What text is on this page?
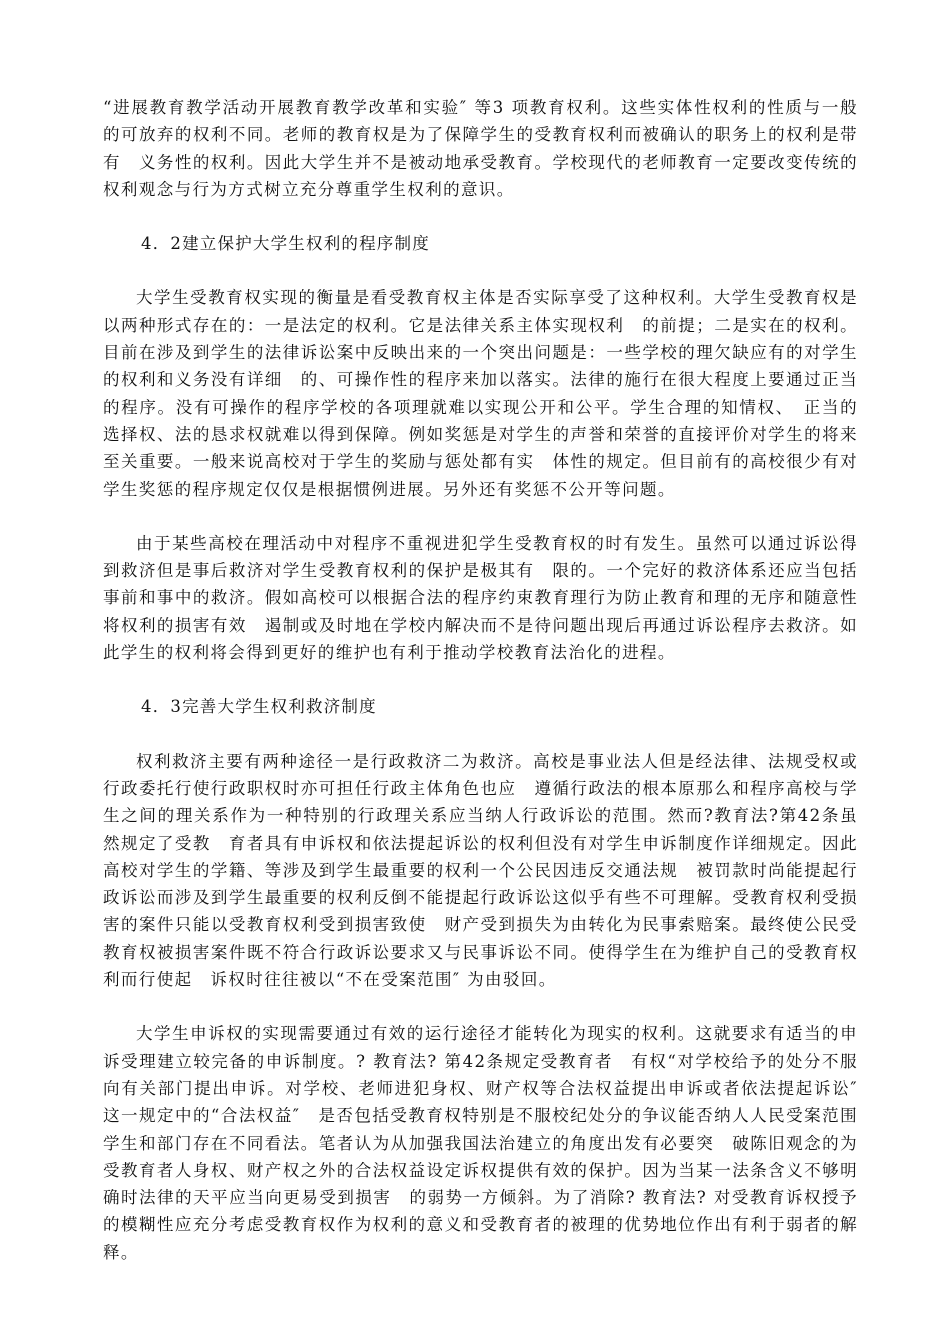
“进展教育教学活动开展教育教学改革和实验″ 等3 项教育权利。这些实体性权利的性质与一般的可放弃的权利不同。老师的教育权是为了保障学生的受教育权利而被确认的职务上的权利是带有　义务性的权利。因此大学生并不是被动地承受教育。学校现代的老师教育一定要改变传统的权利观念与行为方式树立充分尊重学生权利的意识。

4．2建立保护大学生权利的程序制度

大学生受教育权实现的衡量是看受教育权主体是否实际享受了这种权利。大学生受教育权是以两种形式存在的：一是法定的权利。它是法律关系主体实现权利　的前提；二是实在的权利。目前在涉及到学生的法律诉讼案中反映出来的一个突出问题是：一些学校的理欠缺应有的对学生的权利和义务没有详细　的、可操作性的程序来加以落实。法律的施行在很大程度上要通过正当的程序。没有可操作的程序学校的各项理就难以实现公开和公平。学生合理的知情权、　正当的选择权、法的恳求权就难以得到保障。例如奖惩是对学生的声誉和荣誉的直接评价对学生的将来至关重要。一般来说高校对于学生的奖励与惩处都有实　体性的规定。但目前有的高校很少有对学生奖惩的程序规定仅仅是根据惯例进展。另外还有奖惩不公开等问题。

由于某些高校在理活动中对程序不重视进犯学生受教育权的时有发生。虽然可以通过诉讼得到救济但是事后救济对学生受教育权利的保护是极其有　限的。一个完好的救济体系还应当包括事前和事中的救济。假如高校可以根据合法的程序约束教育理行为防止教育和理的无序和随意性将权利的损害有效　遏制或及时地在学校内解决而不是待问题出现后再通过诉讼程序去救济。如此学生的权利将会得到更好的维护也有利于推动学校教育法治化的进程。

4．3完善大学生权利救济制度

权利救济主要有两种途径一是行政救济二为救济。高校是事业法人但是经法律、法规受权或行政委托行使行政职权时亦可担任行政主体角色也应　遵循行政法的根本原那么和程序高校与学生之间的理关系作为一种特别的行政理关系应当纳人行政诉讼的范围。然而?教育法?第42条虽然规定了受教　育者具有申诉权和依法提起诉讼的权利但没有对学生申诉制度作详细规定。因此高校对学生的学籍、等涉及到学生最重要的权利一个公民因违反交通法规　被罚款时尚能提起行政诉讼而涉及到学生最重要的权利反倒不能提起行政诉讼这似乎有些不可理解。受教育权利受损害的案件只能以受教育权利受到损害致使　财产受到损失为由转化为民事索赔案。最终使公民受教育权被损害案件既不符合行政诉讼要求又与民事诉讼不同。使得学生在为维护自己的受教育权利而行使起　诉权时往往被以“不在受案范围″ 为由驳回。

大学生申诉权的实现需要通过有效的运行途径才能转化为现实的权利。这就要求有适当的申诉受理建立较完备的申诉制度。? 教育法? 第42条规定受教育者　有权“对学校给予的处分不服向有关部门提出申诉。对学校、老师进犯身权、财产权等合法权益提出申诉或者依法提起诉讼″ 这一规定中的“合法权益″　是否包括受教育权特别是不服校纪处分的争议能否纳人人民受案范围学生和部门存在不同看法。笔者认为从加强我国法治建立的角度出发有必要突　破陈旧观念的为受教育者人身权、财产权之外的合法权益设定诉权提供有效的保护。因为当某一法条含义不够明确时法律的天平应当向更易受到损害　的弱势一方倾斜。为了消除? 教育法? 对受教育诉权授予的模糊性应充分考虑受教育权作为权利的意义和受教育者的被理的优势地位作出有利于弱者的解　释。
